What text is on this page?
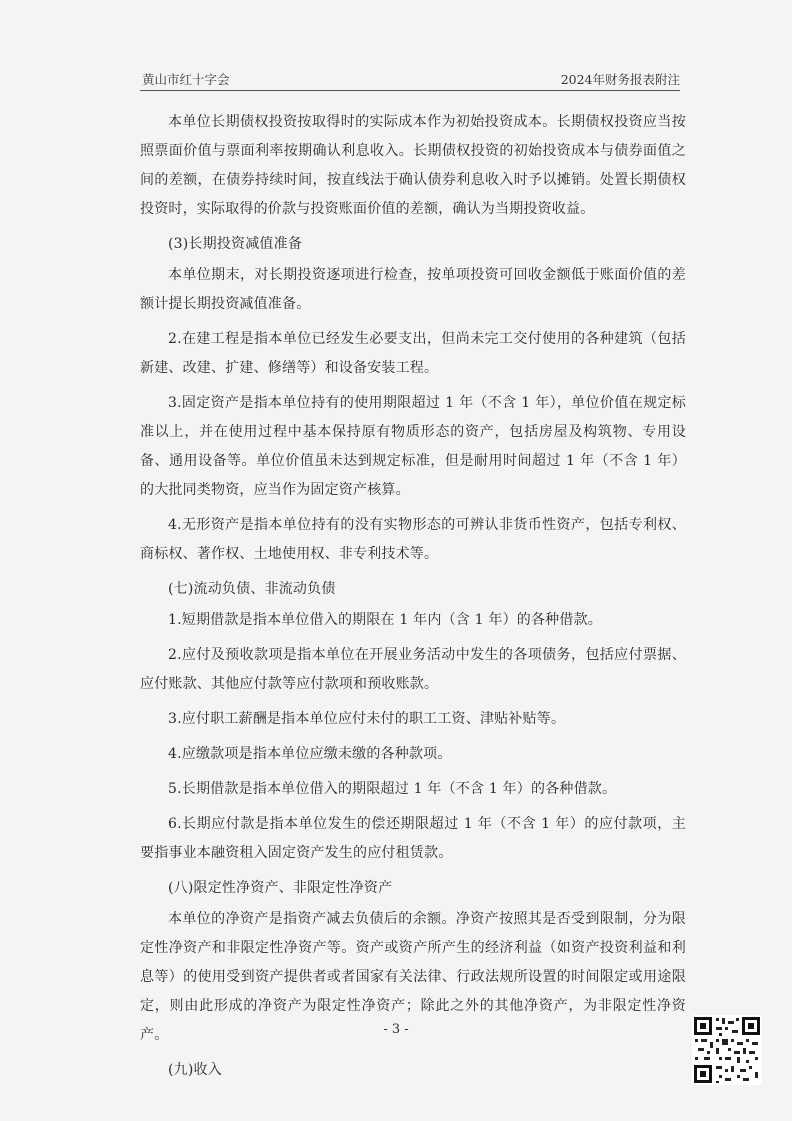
黄山市红十字会	2024年财务报表附注

本单位长期债权投资按取得时的实际成本作为初始投资成本。长期债权投资应当按照票面价值与票面利率按期确认利息收入。长期债权投资的初始投资成本与债券面值之间的差额，在债券持续时间，按直线法于确认债券利息收入时予以摊销。处置长期债权投资时，实际取得的价款与投资账面价值的差额，确认为当期投资收益。

(3)长期投资减值准备

本单位期末，对长期投资逐项进行检查，按单项投资可回收金额低于账面价值的差额计提长期投资减值准备。

2.在建工程是指本单位已经发生必要支出，但尚未完工交付使用的各种建筑（包括新建、改建、扩建、修缮等）和设备安装工程。

3.固定资产是指本单位持有的使用期限超过 1 年（不含 1 年），单位价值在规定标准以上，并在使用过程中基本保持原有物质形态的资产，包括房屋及构筑物、专用设备、通用设备等。单位价值虽未达到规定标准，但是耐用时间超过 1 年（不含 1 年）的大批同类物资，应当作为固定资产核算。

4.无形资产是指本单位持有的没有实物形态的可辨认非货币性资产，包括专利权、商标权、著作权、土地使用权、非专利技术等。

(七)流动负债、非流动负债

1.短期借款是指本单位借入的期限在 1 年内（含 1 年）的各种借款。

2.应付及预收款项是指本单位在开展业务活动中发生的各项债务，包括应付票据、应付账款、其他应付款等应付款项和预收账款。

3.应付职工薪酬是指本单位应付未付的职工工资、津贴补贴等。

4.应缴款项是指本单位应缴未缴的各种款项。

5.长期借款是指本单位借入的期限超过 1 年（不含 1 年）的各种借款。

6.长期应付款是指本单位发生的偿还期限超过 1 年（不含 1 年）的应付款项，主要指事业本融资租入固定资产发生的应付租赁款。

(八)限定性净资产、非限定性净资产

本单位的净资产是指资产减去负债后的余额。净资产按照其是否受到限制，分为限定性净资产和非限定性净资产等。资产或资产所产生的经济利益（如资产投资利益和利息等）的使用受到资产提供者或者国家有关法律、行政法规所设置的时间限定或用途限定，则由此形成的净资产为限定性净资产；除此之外的其他净资产，为非限定性净资产。

(九)收入

- 3 -
